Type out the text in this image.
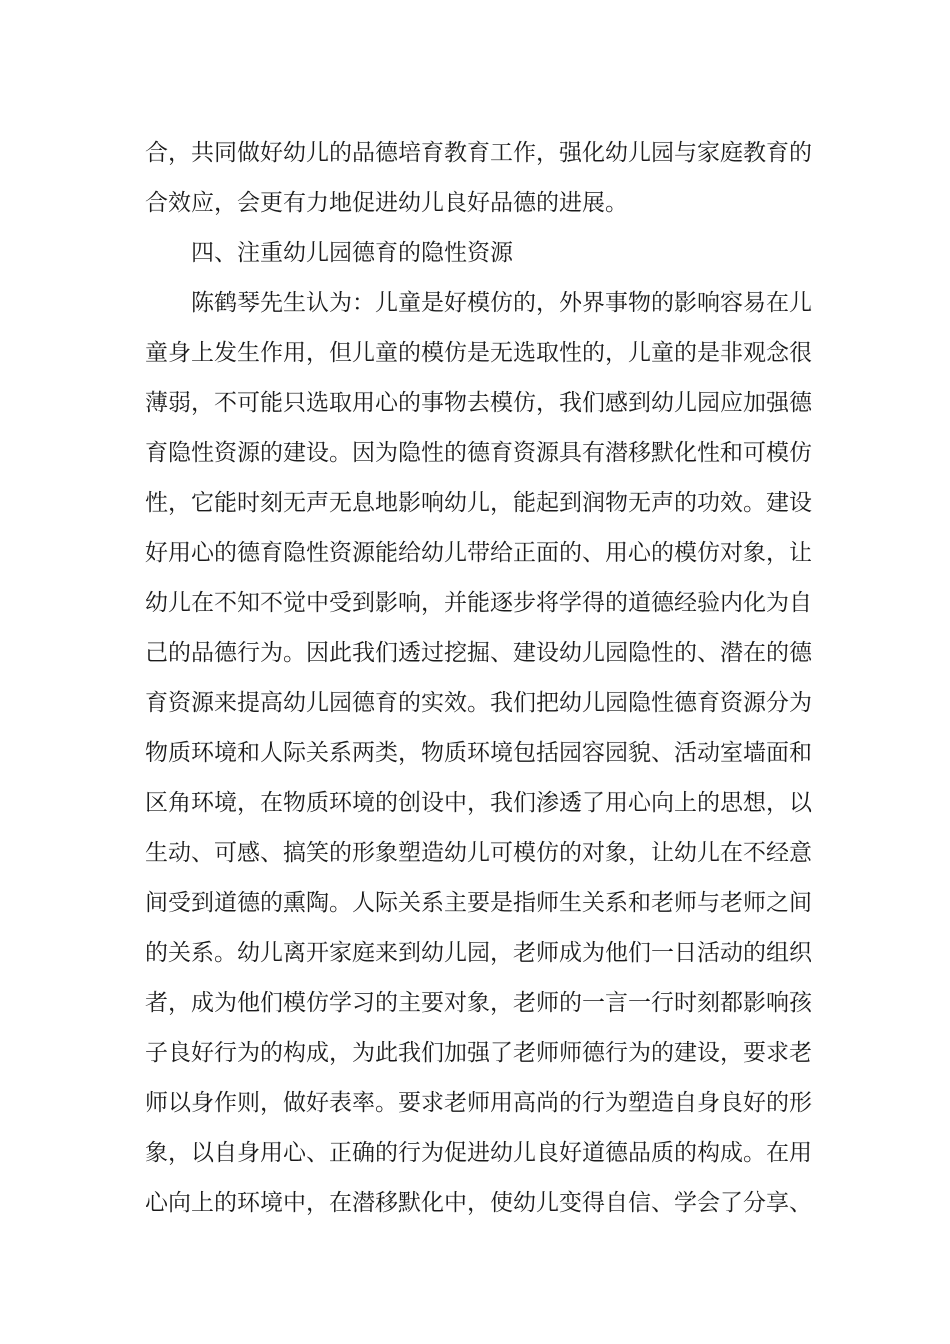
合，共同做好幼儿的品德培育教育工作，强化幼儿园与家庭教育的
合效应，会更有力地促进幼儿良好品德的进展。
四、注重幼儿园德育的隐性资源
陈鹤琴先生认为：儿童是好模仿的，外界事物的影响容易在儿
童身上发生作用，但儿童的模仿是无选取性的，儿童的是非观念很
薄弱，不可能只选取用心的事物去模仿，我们感到幼儿园应加强德
育隐性资源的建设。因为隐性的德育资源具有潜移默化性和可模仿
性，它能时刻无声无息地影响幼儿，能起到润物无声的功效。建设
好用心的德育隐性资源能给幼儿带给正面的、用心的模仿对象，让
幼儿在不知不觉中受到影响，并能逐步将学得的道德经验内化为自
己的品德行为。因此我们透过挖掘、建设幼儿园隐性的、潜在的德
育资源来提高幼儿园德育的实效。我们把幼儿园隐性德育资源分为
物质环境和人际关系两类，物质环境包括园容园貌、活动室墙面和
区角环境，在物质环境的创设中，我们渗透了用心向上的思想，以
生动、可感、搞笑的形象塑造幼儿可模仿的对象，让幼儿在不经意
间受到道德的熏陶。人际关系主要是指师生关系和老师与老师之间
的关系。幼儿离开家庭来到幼儿园，老师成为他们一日活动的组织
者，成为他们模仿学习的主要对象，老师的一言一行时刻都影响孩
子良好行为的构成，为此我们加强了老师师德行为的建设，要求老
师以身作则，做好表率。要求老师用高尚的行为塑造自身良好的形
象，以自身用心、正确的行为促进幼儿良好道德品质的构成。在用
心向上的环境中，在潜移默化中，使幼儿变得自信、学会了分享、
